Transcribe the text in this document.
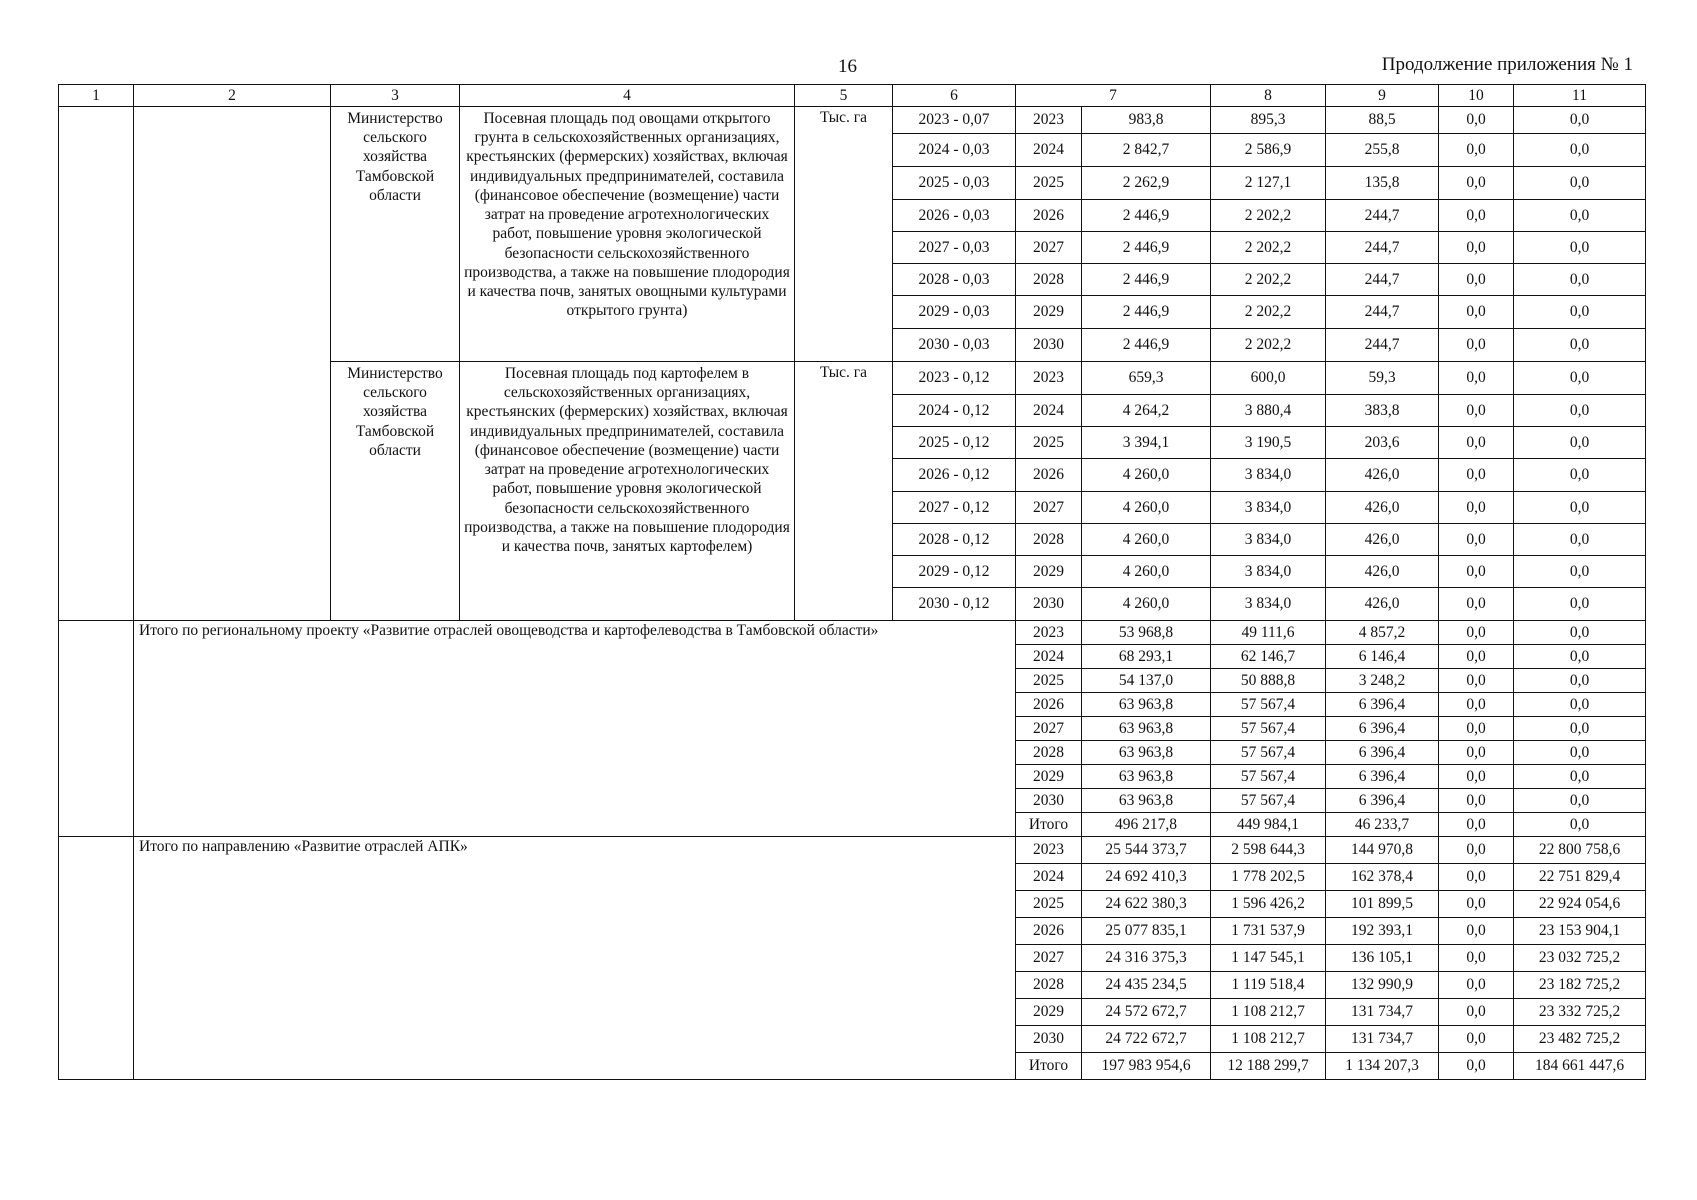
16	Продолжение приложения № 1
1	2	3	4	5	6	7		8	9	10	11
		Министерство сельского хозяйства Тамбовской области	Посевная площадь под овощами открытого грунта в сельскохозяйственных организациях, крестьянских (фермерских) хозяйствах, включая индивидуальных предпринимателей, составила (финансовое обеспечение (возмещение) части затрат на проведение агротехнологических работ, повышение уровня экологической безопасности сельскохозяйственного производства, а также на повышение плодородия и качества почв, занятых овощными культурами открытого грунта)	Тыс. га	2023 - 0,07	2023	983,8	895,3	88,5	0,0	0,0
					2024 - 0,03	2024	2 842,7	2 586,9	255,8	0,0	0,0
					2025 - 0,03	2025	2 262,9	2 127,1	135,8	0,0	0,0
					2026 - 0,03	2026	2 446,9	2 202,2	244,7	0,0	0,0
					2027 - 0,03	2027	2 446,9	2 202,2	244,7	0,0	0,0
					2028 - 0,03	2028	2 446,9	2 202,2	244,7	0,0	0,0
					2029 - 0,03	2029	2 446,9	2 202,2	244,7	0,0	0,0
					2030 - 0,03	2030	2 446,9	2 202,2	244,7	0,0	0,0
		Министерство сельского хозяйства Тамбовской области	Посевная площадь под картофелем в сельскохозяйственных организациях, крестьянских (фермерских) хозяйствах, включая индивидуальных предпринимателей, составила (финансовое обеспечение (возмещение) части затрат на проведение агротехнологических работ, повышение уровня экологической безопасности сельскохозяйственного производства, а также на повышение плодородия и качества почв, занятых картофелем)	Тыс. га	2023 - 0,12	2023	659,3	600,0	59,3	0,0	0,0
					2024 - 0,12	2024	4 264,2	3 880,4	383,8	0,0	0,0
					2025 - 0,12	2025	3 394,1	3 190,5	203,6	0,0	0,0
					2026 - 0,12	2026	4 260,0	3 834,0	426,0	0,0	0,0
					2027 - 0,12	2027	4 260,0	3 834,0	426,0	0,0	0,0
					2028 - 0,12	2028	4 260,0	3 834,0	426,0	0,0	0,0
					2029 - 0,12	2029	4 260,0	3 834,0	426,0	0,0	0,0
					2030 - 0,12	2030	4 260,0	3 834,0	426,0	0,0	0,0
	Итого по региональному проекту «Развитие отраслей овощеводства и картофелеводства в Тамбовской области»					2023	53 968,8	49 111,6	4 857,2	0,0	0,0
						2024	68 293,1	62 146,7	6 146,4	0,0	0,0
						2025	54 137,0	50 888,8	3 248,2	0,0	0,0
						2026	63 963,8	57 567,4	6 396,4	0,0	0,0
						2027	63 963,8	57 567,4	6 396,4	0,0	0,0
						2028	63 963,8	57 567,4	6 396,4	0,0	0,0
						2029	63 963,8	57 567,4	6 396,4	0,0	0,0
						2030	63 963,8	57 567,4	6 396,4	0,0	0,0
						Итого	496 217,8	449 984,1	46 233,7	0,0	0,0
	Итого по направлению «Развитие отраслей АПК»					2023	25 544 373,7	2 598 644,3	144 970,8	0,0	22 800 758,6
						2024	24 692 410,3	1 778 202,5	162 378,4	0,0	22 751 829,4
						2025	24 622 380,3	1 596 426,2	101 899,5	0,0	22 924 054,6
						2026	25 077 835,1	1 731 537,9	192 393,1	0,0	23 153 904,1
						2027	24 316 375,3	1 147 545,1	136 105,1	0,0	23 032 725,2
						2028	24 435 234,5	1 119 518,4	132 990,9	0,0	23 182 725,2
						2029	24 572 672,7	1 108 212,7	131 734,7	0,0	23 332 725,2
						2030	24 722 672,7	1 108 212,7	131 734,7	0,0	23 482 725,2
						Итого	197 983 954,6	12 188 299,7	1 134 207,3	0,0	184 661 447,6
